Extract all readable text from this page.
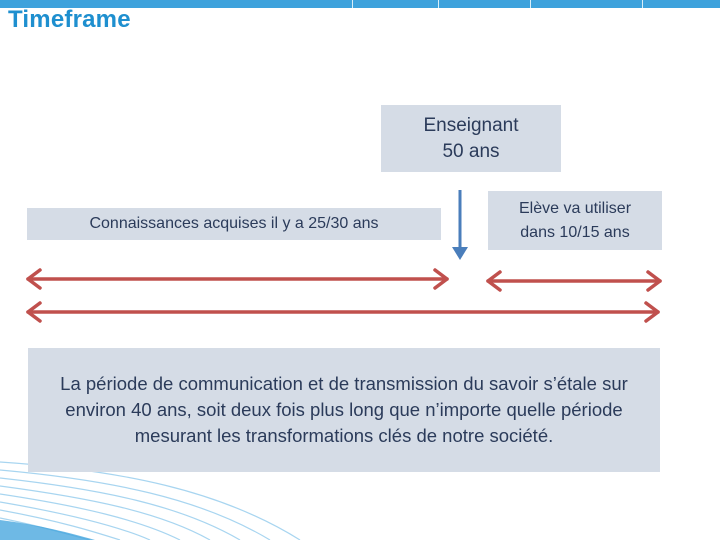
Timeframe
Enseignant
50 ans
Connaissances acquises il y a 25/30 ans
Elève va utiliser
dans 10/15 ans
La période de communication et de transmission du savoir s’étale sur environ 40 ans, soit deux fois plus long que n’importe quelle période mesurant les transformations clés de notre société.
